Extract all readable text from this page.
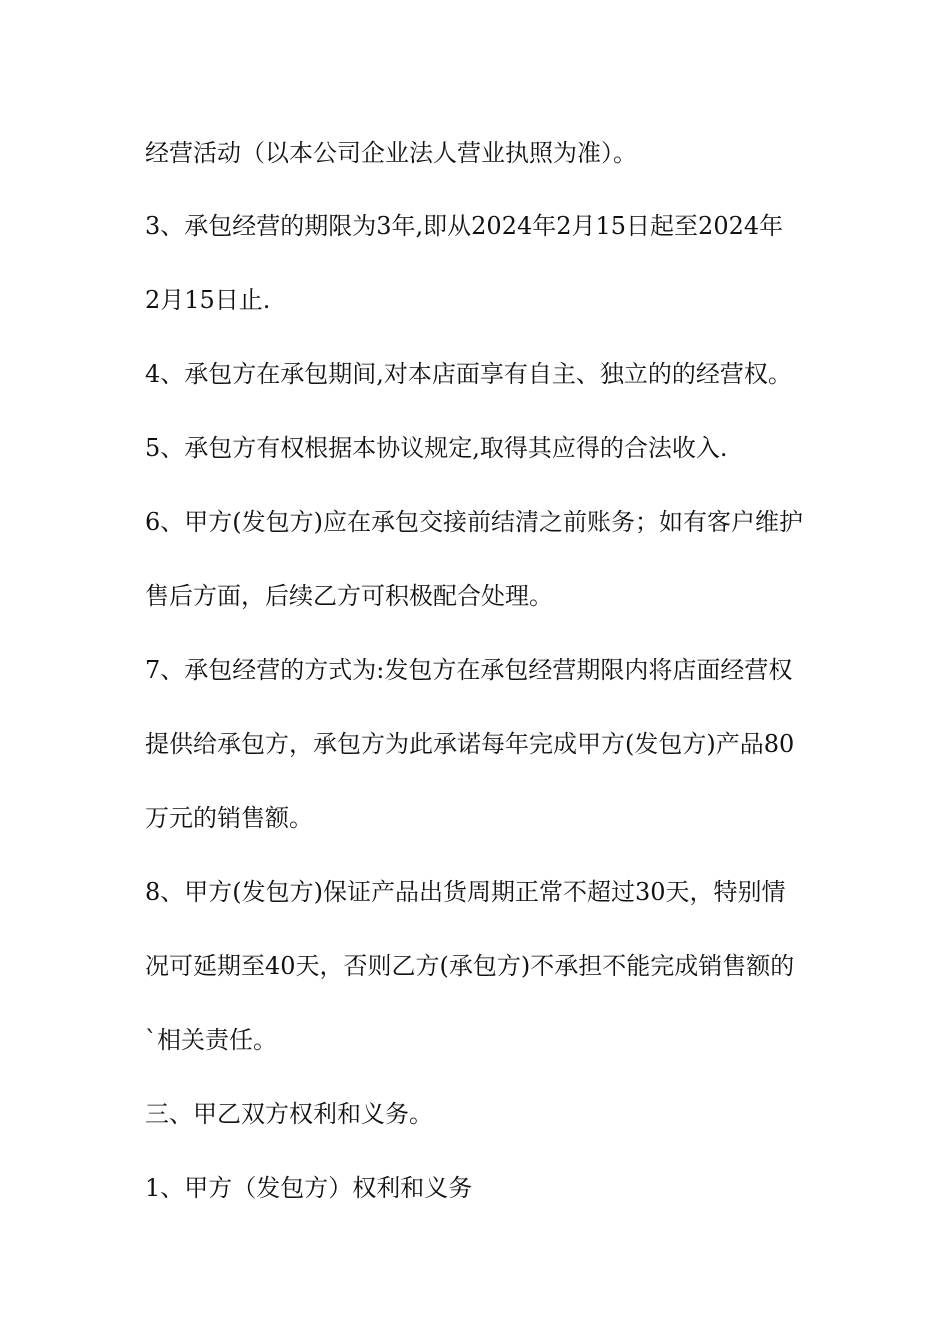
经营活动（以本公司企业法人营业执照为准）。
3、承包经营的期限为3年,即从2024年2月15日起至2024年
2月15日止.
4、承包方在承包期间,对本店面享有自主、独立的的经营权。
5、承包方有权根据本协议规定,取得其应得的合法收入.
6、甲方(发包方)应在承包交接前结清之前账务；如有客户维护
售后方面，后续乙方可积极配合处理。
7、承包经营的方式为:发包方在承包经营期限内将店面经营权
提供给承包方，承包方为此承诺每年完成甲方(发包方)产品80
万元的销售额。
8、甲方(发包方)保证产品出货周期正常不超过30天，特别情
况可延期至40天，否则乙方(承包方)不承担不能完成销售额的
`相关责任。
三、甲乙双方权利和义务。
1、甲方（发包方）权利和义务
